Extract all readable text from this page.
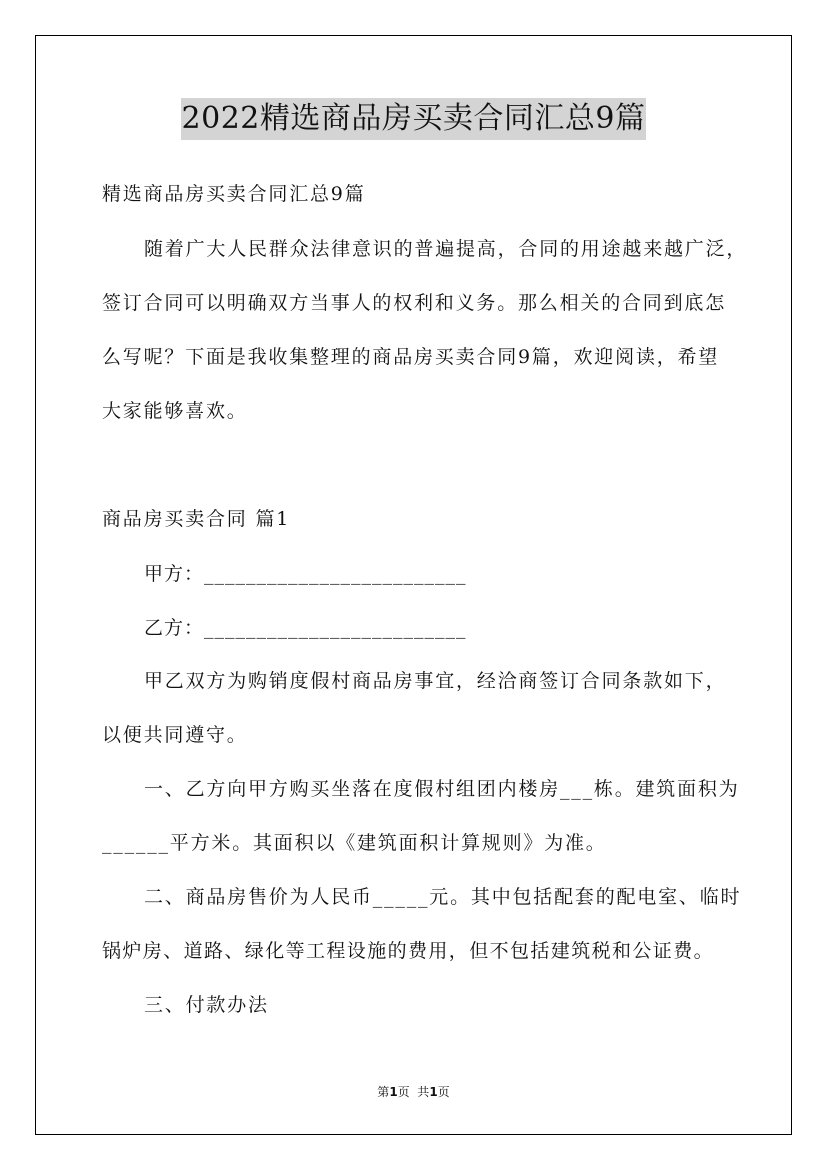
2022精选商品房买卖合同汇总9篇
精选商品房买卖合同汇总9篇
随着广大人民群众法律意识的普遍提高，合同的用途越来越广泛，
签订合同可以明确双方当事人的权利和义务。那么相关的合同到底怎
么写呢？下面是我收集整理的商品房买卖合同9篇，欢迎阅读，希望
大家能够喜欢。
商品房买卖合同 篇1
甲方：_________________________
乙方：_________________________
甲乙双方为购销度假村商品房事宜，经洽商签订合同条款如下，
以便共同遵守。
一、乙方向甲方购买坐落在度假村组团内楼房___栋。建筑面积为
______平方米。其面积以《建筑面积计算规则》为准。
二、商品房售价为人民币_____元。其中包括配套的配电室、临时
锅炉房、道路、绿化等工程设施的费用，但不包括建筑税和公证费。
三、付款办法
第1页  共1页
